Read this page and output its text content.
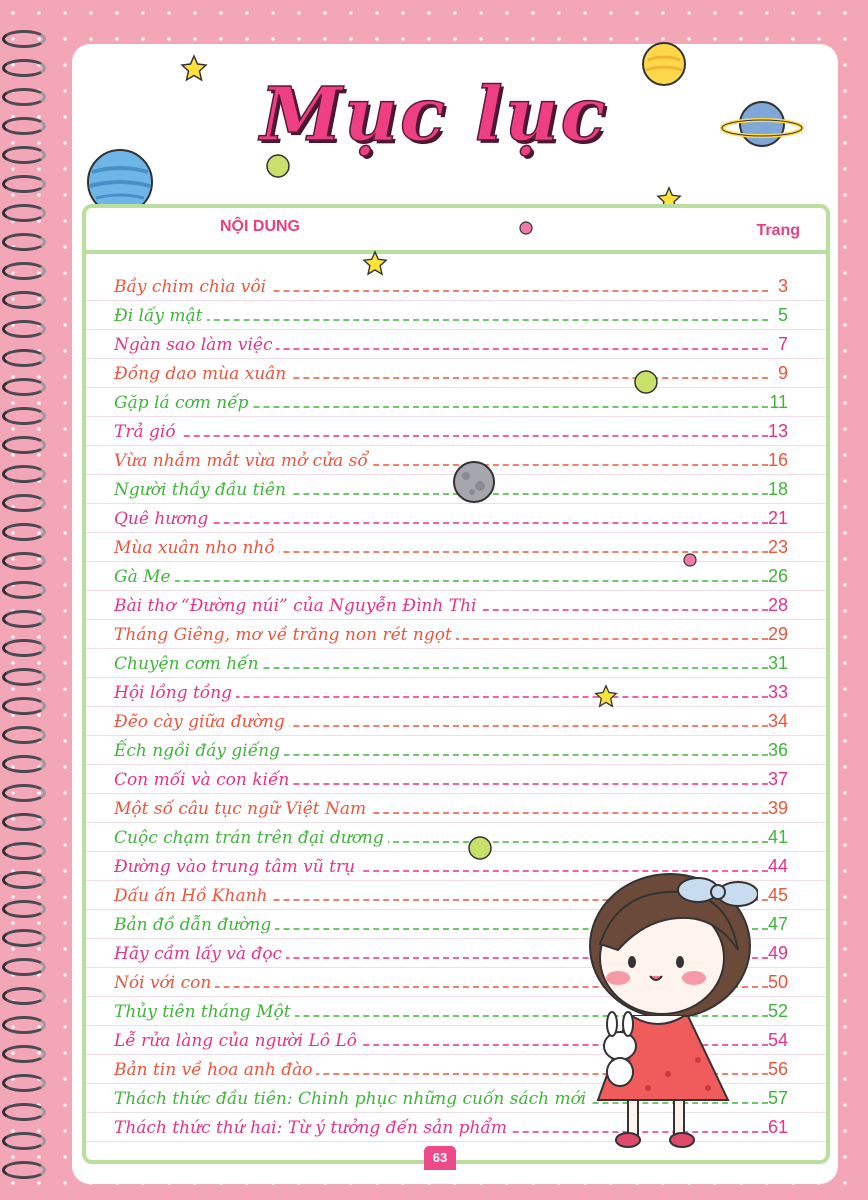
Mục lục
NỘI DUNG	Trang
Bầy chim chìa vôi	3
Đi lấy mật	5
Ngàn sao làm việc	7
Đồng dao mùa xuân	9
Gặp lá cơm nếp	11
Trả gió	13
Vừa nhắm mắt vừa mở cửa sổ	16
Người thầy đầu tiên	18
Quê hương	21
Mùa xuân nho nhỏ	23
Gà Me	26
Bài thơ “Đường núi” của Nguyễn Đình Thi	28
Tháng Giêng, mơ về trăng non rét ngọt	29
Chuyện cơm hến	31
Hội lồng tồng	33
Đẽo cày giữa đường	34
Ếch ngồi đáy giếng	36
Con mối và con kiến	37
Một số câu tục ngữ Việt Nam	39
Cuộc chạm trán trên đại dương	41
Đường vào trung tâm vũ trụ	44
Dấu ấn Hồ Khanh	45
Bản đồ dẫn đường	47
Hãy cầm lấy và đọc	49
Nói với con	50
Thủy tiên tháng Một	52
Lễ rửa làng của người Lô Lô	54
Bản tin về hoa anh đào	56
Thách thức đầu tiên: Chinh phục những cuốn sách mới	57
Thách thức thứ hai: Từ ý tưởng đến sản phẩm	61
63
